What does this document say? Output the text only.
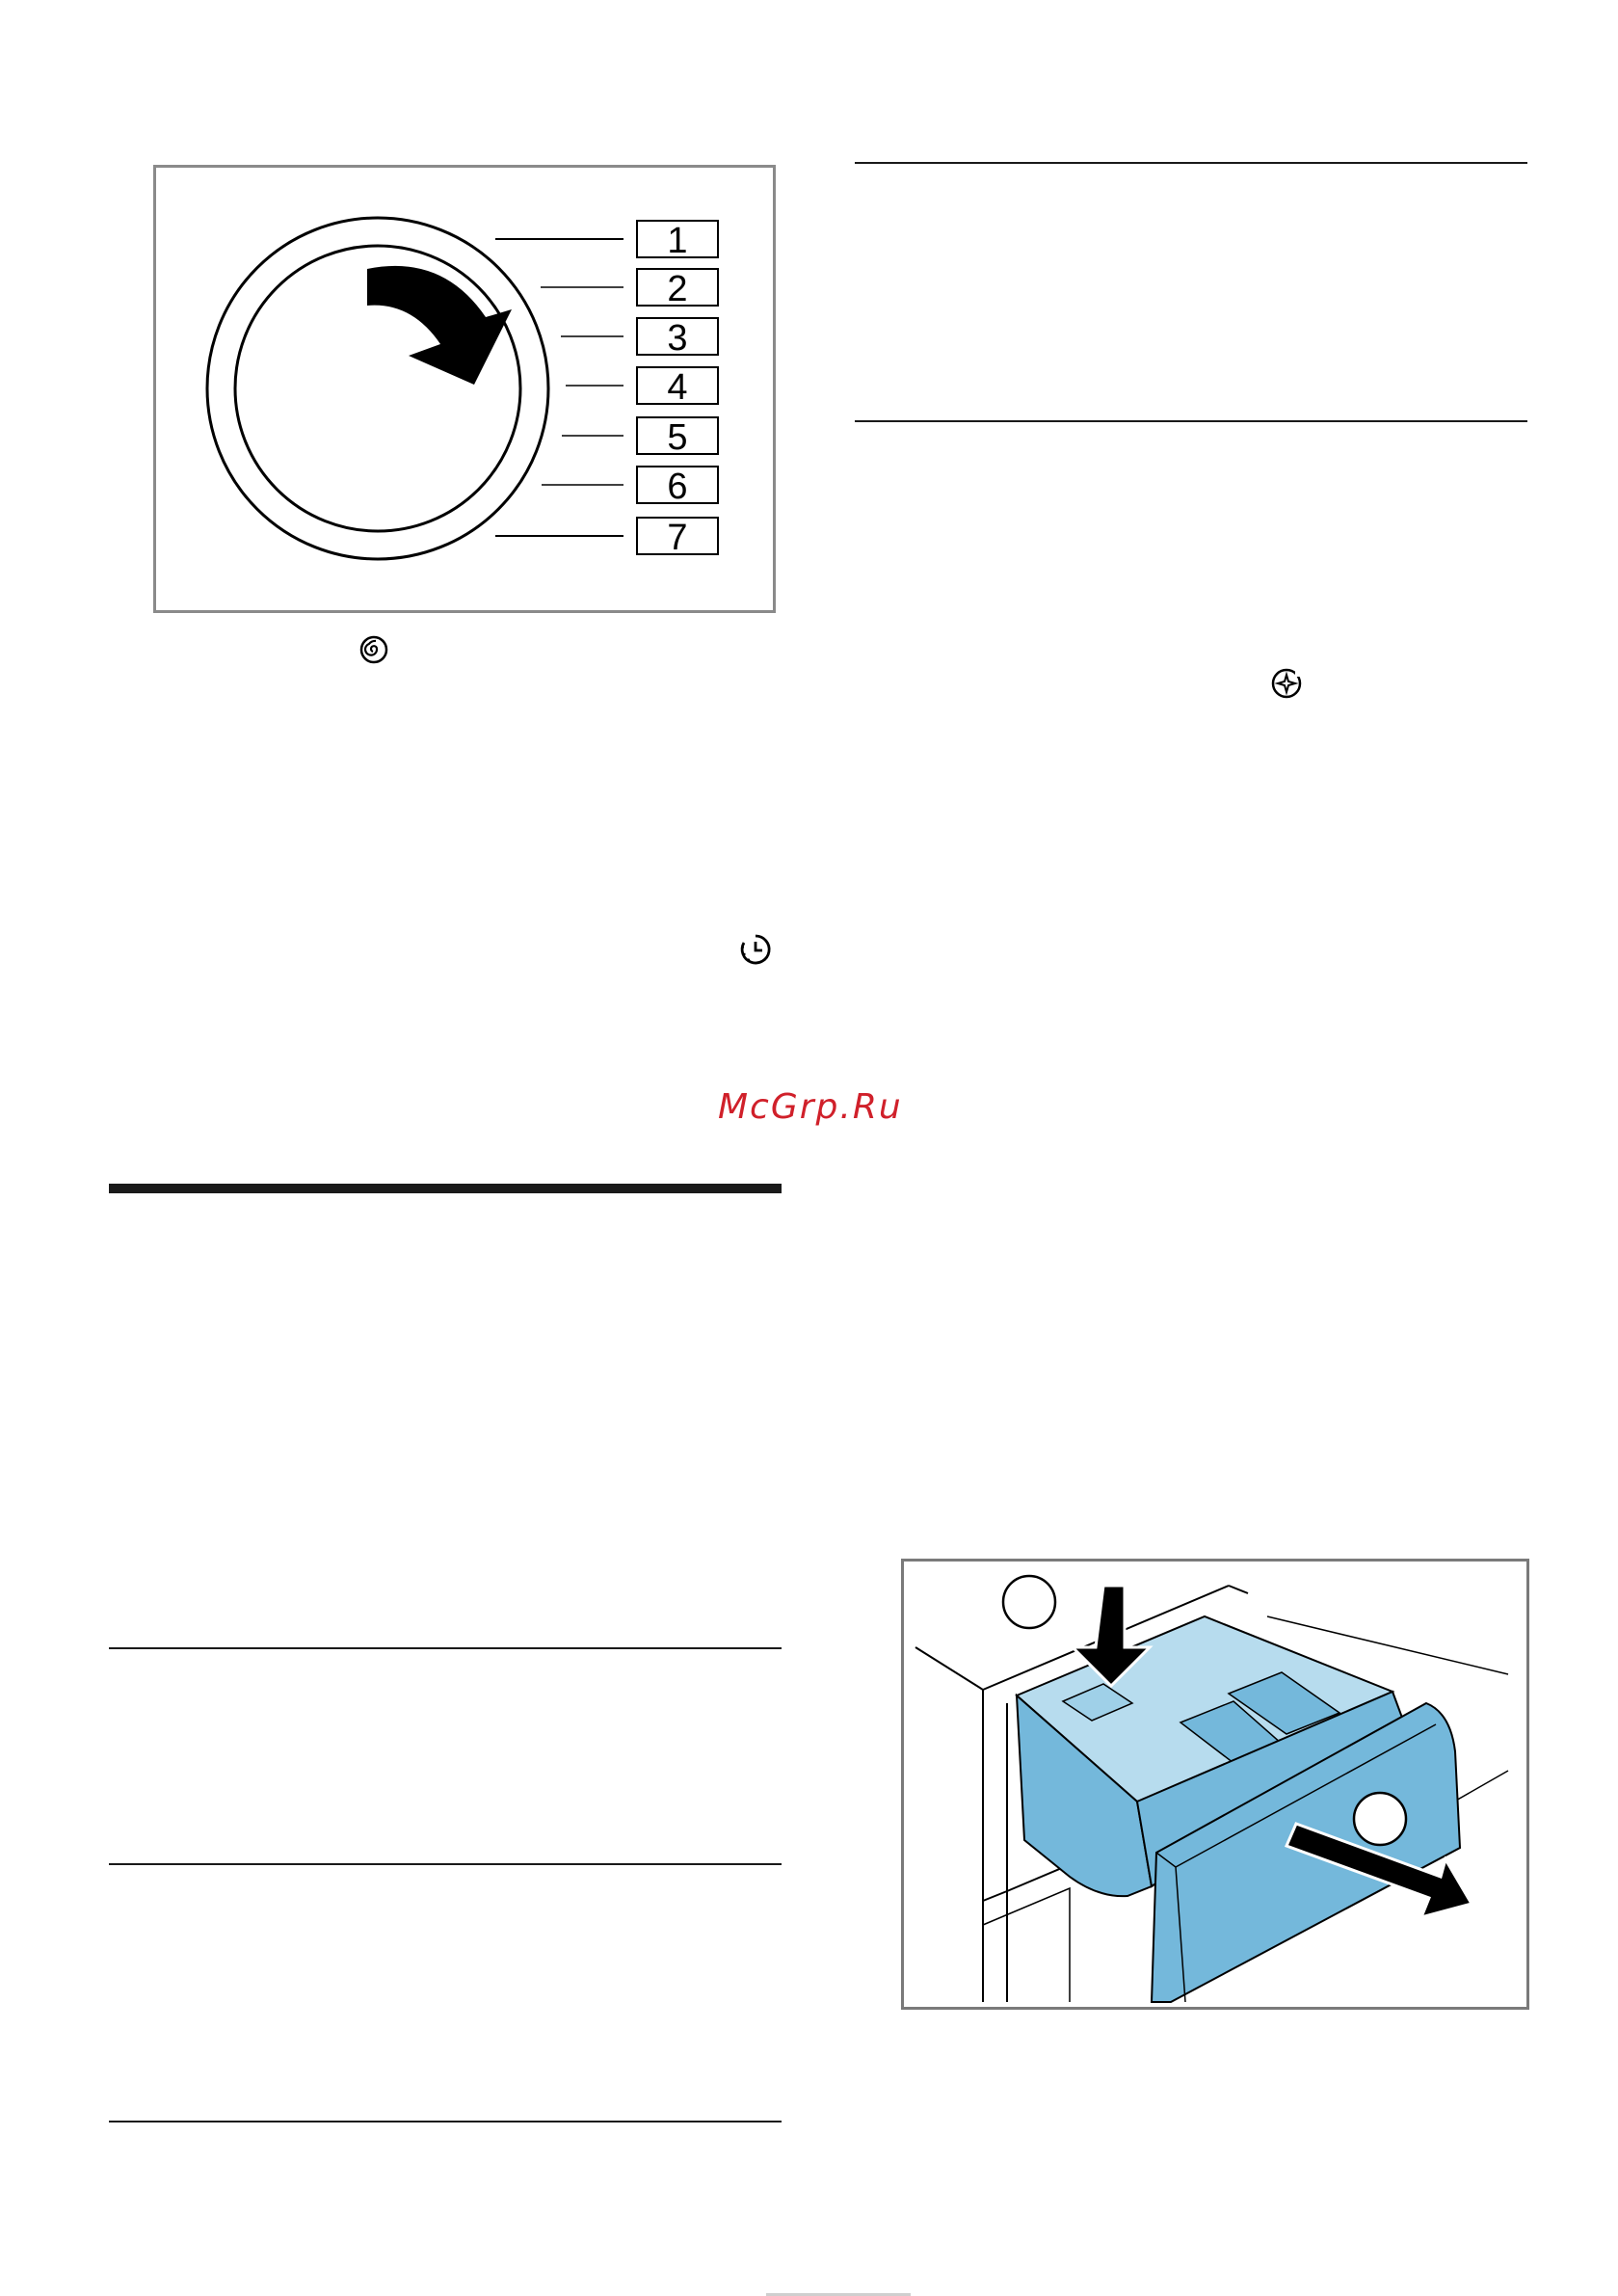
1
2
3
4
5
6
7
McGrp.Ru
